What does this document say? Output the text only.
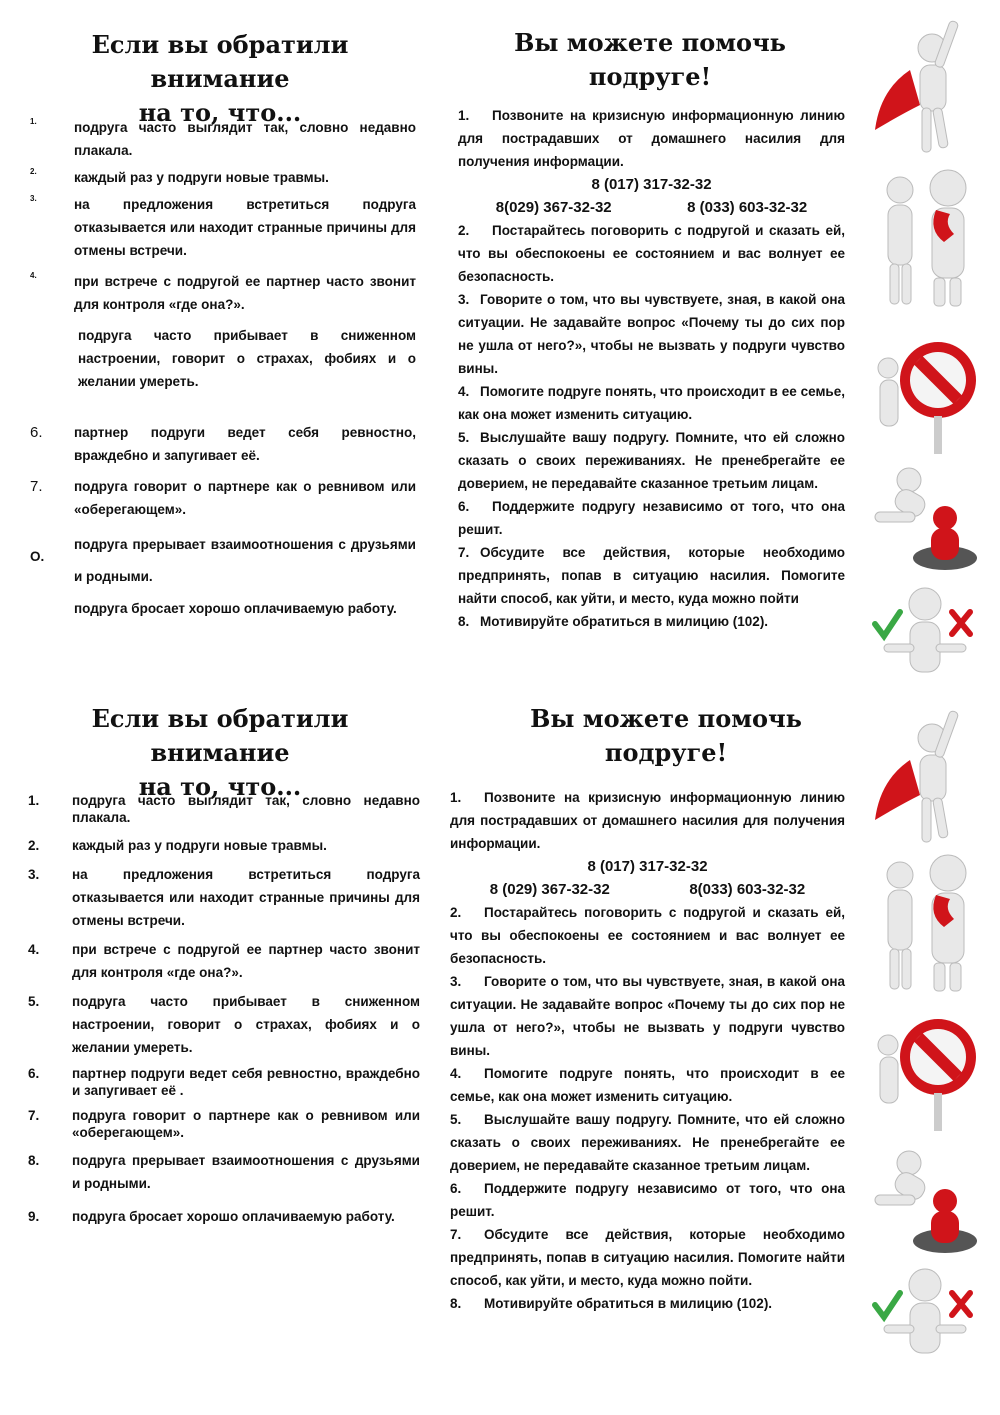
Если вы обратили внимание
на то, что...
1.	подруга часто выглядит так, словно недавно плакала.
2.	каждый раз у подруги новые травмы.
3.	на предложения встретиться подруга отказывается или находит странные причины для отмены встречи.
4.	при встрече с подругой ее партнер часто звонит для контроля «где она?».
подруга часто прибывает в сниженном настроении, говорит о страхах, фобиях и о желании умереть.
6. партнер подруги ведет себя ревностно, враждебно и запугивает её.
7. подруга говорит о партнере как о ревнивом или «оберегающем».
О.
подруга прерывает взаимоотношения с друзьями и родными.
подруга бросает хорошо оплачиваемую работу.
Вы можете помочь
подруге!
1. Позвоните на кризисную информационную линию для пострадавших от домашнего насилия для получения информации.
8 (017) 317-32-32
8(029) 367-32-32	8 (033) 603-32-32
2. Постарайтесь поговорить с подругой и сказать ей, что вы обеспокоены ее состоянием и вас волнует ее безопасность.
3. Говорите о том, что вы чувствуете, зная, в какой она ситуации. Не задавайте вопрос «Почему ты до сих пор не ушла от него?», чтобы не вызвать у подруги чувство вины.
4. Помогите подруге понять, что происходит в ее семье, как она может изменить ситуацию.
5. Выслушайте вашу подругу. Помните, что ей сложно сказать о своих переживаниях. Не пренебрегайте ее доверием, не передавайте сказанное третьим лицам.
6. Поддержите подругу независимо от того, что она решит.
7. Обсудите все действия, которые необходимо предпринять, попав в ситуацию насилия. Помогите найти способ, как уйти, и место, куда можно пойти
8. Мотивируйте обратиться в милицию (102).
Если вы обратили внимание
на то, что...
1. подруга часто выглядит так, словно недавно плакала.
2. каждый раз у подруги новые травмы.
3. на предложения встретиться подруга отказывается или находит странные причины для отмены встречи.
4. при встрече с подругой ее партнер часто звонит для контроля «где она?».
5. подруга часто прибывает в сниженном настроении, говорит о страхах, фобиях и о желании умереть.
6. партнер подруги ведет себя ревностно, враждебно и запугивает её .
7. подруга говорит о партнере как о ревнивом или «оберегающем».
8. подруга прерывает взаимоотношения с друзьями и родными.
9. подруга бросает хорошо оплачиваемую работу.
Вы можете помочь
подруге!
1. Позвоните на кризисную информационную линию для пострадавших от домашнего насилия для получения информации.
8 (017) 317-32-32
8 (029) 367-32-32	8(033) 603-32-32
2. Постарайтесь поговорить с подругой и сказать ей, что вы обеспокоены ее состоянием и вас волнует ее безопасность.
3. Говорите о том, что вы чувствуете, зная, в какой она ситуации. Не задавайте вопрос «Почему ты до сих пор не ушла от него?», чтобы не вызвать у подруги чувство вины.
4. Помогите подруге понять, что происходит в ее семье, как она может изменить ситуацию.
5. Выслушайте вашу подругу. Помните, что ей сложно сказать о своих переживаниях. Не пренебрегайте ее доверием, не передавайте сказанное третьим лицам.
6. Поддержите подругу независимо от того, что она решит.
7. Обсудите все действия, которые необходимо предпринять, попав в ситуацию насилия. Помогите найти способ, как уйти, и место, куда можно пойти.
8. Мотивируйте обратиться в милицию (102).
